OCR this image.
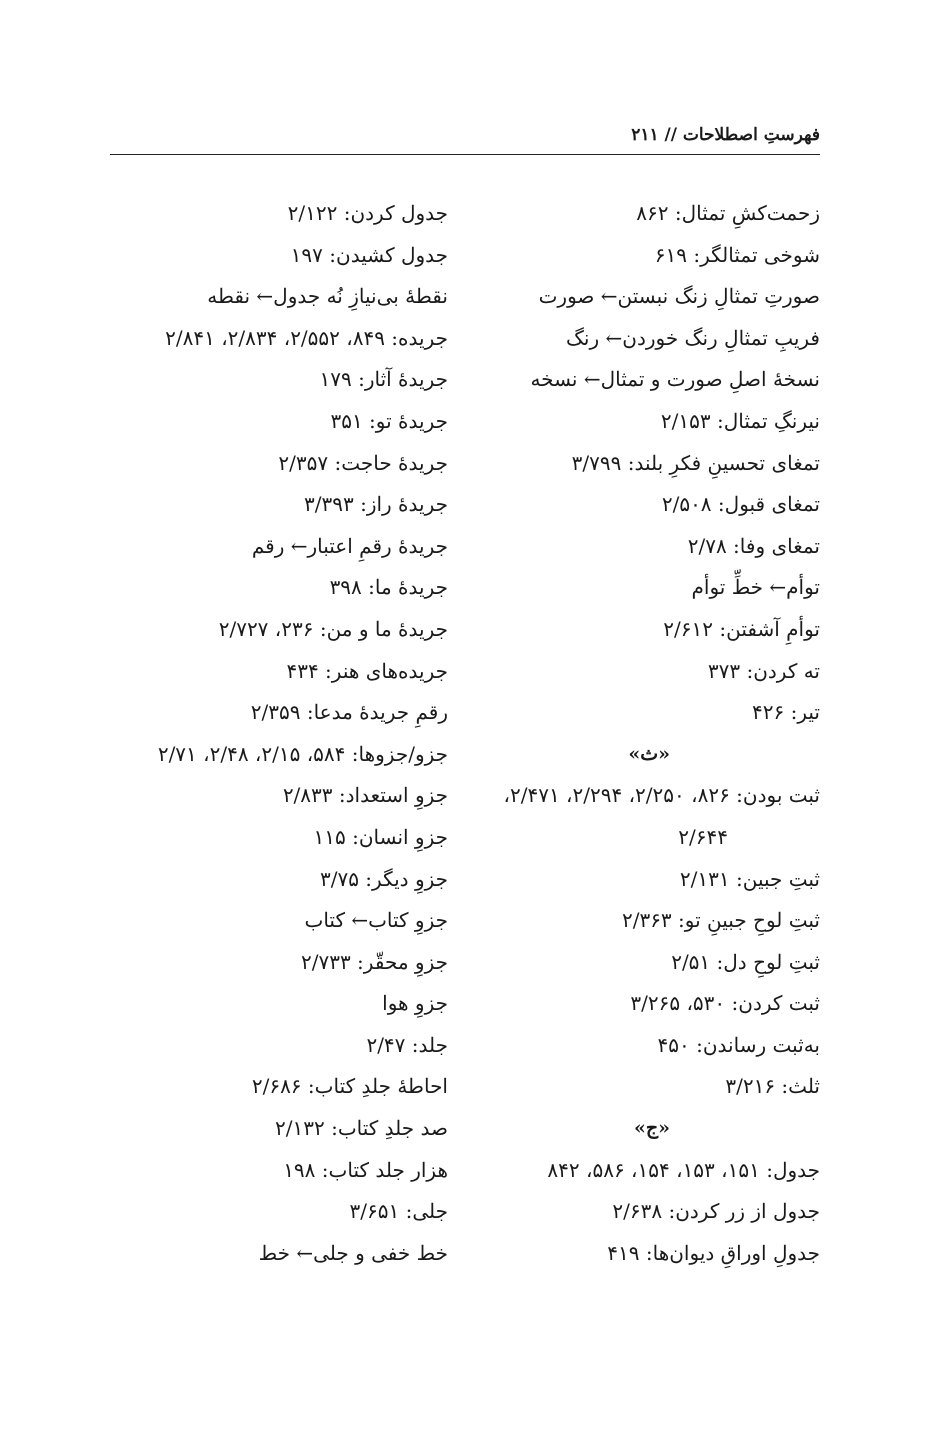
فهرستِ اصطلاحات // ۲۱۱
زحمت‌کشِ تمثال: ۸۶۲
شوخی تمثالگر: ۶۱۹
صورتِ تمثالِ زنگ نبستن← صورت
فریبِ تمثالِ رنگ خوردن← رنگ
نسخهٔ اصلِ صورت و تمثال← نسخه
نیرنگِ تمثال: ۲/۱۵۳
تمغای تحسینِ فکرِ بلند: ۳/۷۹۹
تمغای قبول: ۲/۵۰۸
تمغای وفا: ۲/۷۸
توأم← خطِّ توأم
توأمِ آشفتن: ۲/۶۱۲
ته کردن: ۳۷۳
تیر: ۴۲۶
«ث»
ثبت بودن: ۸۲۶، ۲/۲۵۰، ۲/۲۹۴، ۲/۴۷۱،
۲/۶۴۴
ثبتِ جبین: ۲/۱۳۱
ثبتِ لوحِ جبینِ تو: ۲/۳۶۳
ثبتِ لوحِ دل: ۲/۵۱
ثبت کردن: ۵۳۰، ۳/۲۶۵
به‌ثبت رساندن: ۴۵۰
ثلث: ۳/۲۱۶
«ج»
جدول: ۱۵۱، ۱۵۳، ۱۵۴، ۵۸۶، ۸۴۲
جدول از زر کردن: ۲/۶۳۸
جدولِ اوراقِ دیوان‌ها: ۴۱۹
جدول کردن: ۲/۱۲۲
جدول کشیدن: ۱۹۷
نقطهٔ بی‌نیازِ نُه جدول← نقطه
جریده: ۸۴۹، ۲/۵۵۲، ۲/۸۳۴، ۲/۸۴۱
جریدهٔ آثار: ۱۷۹
جریدهٔ تو: ۳۵۱
جریدهٔ حاجت: ۲/۳۵۷
جریدهٔ راز: ۳/۳۹۳
جریدهٔ رقمِ اعتبار← رقم
جریدهٔ ما: ۳۹۸
جریدهٔ ما و من: ۲۳۶، ۲/۷۲۷
جریده‌های هنر: ۴۳۴
رقمِ جریدهٔ مدعا: ۲/۳۵۹
جزو/جزوها: ۵۸۴، ۲/۱۵، ۲/۴۸، ۲/۷۱
جزوِ استعداد: ۲/۸۳۳
جزوِ انسان: ۱۱۵
جزوِ دیگر: ۳/۷۵
جزوِ کتاب← کتاب
جزوِ محقّر: ۲/۷۳۳
جزوِ هوا
جلد: ۲/۴۷
احاطهٔ جلدِ کتاب: ۲/۶۸۶
صد جلدِ کتاب: ۲/۱۳۲
هزار جلد کتاب: ۱۹۸
جلی: ۳/۶۵۱
خط خفی و جلی← خط
